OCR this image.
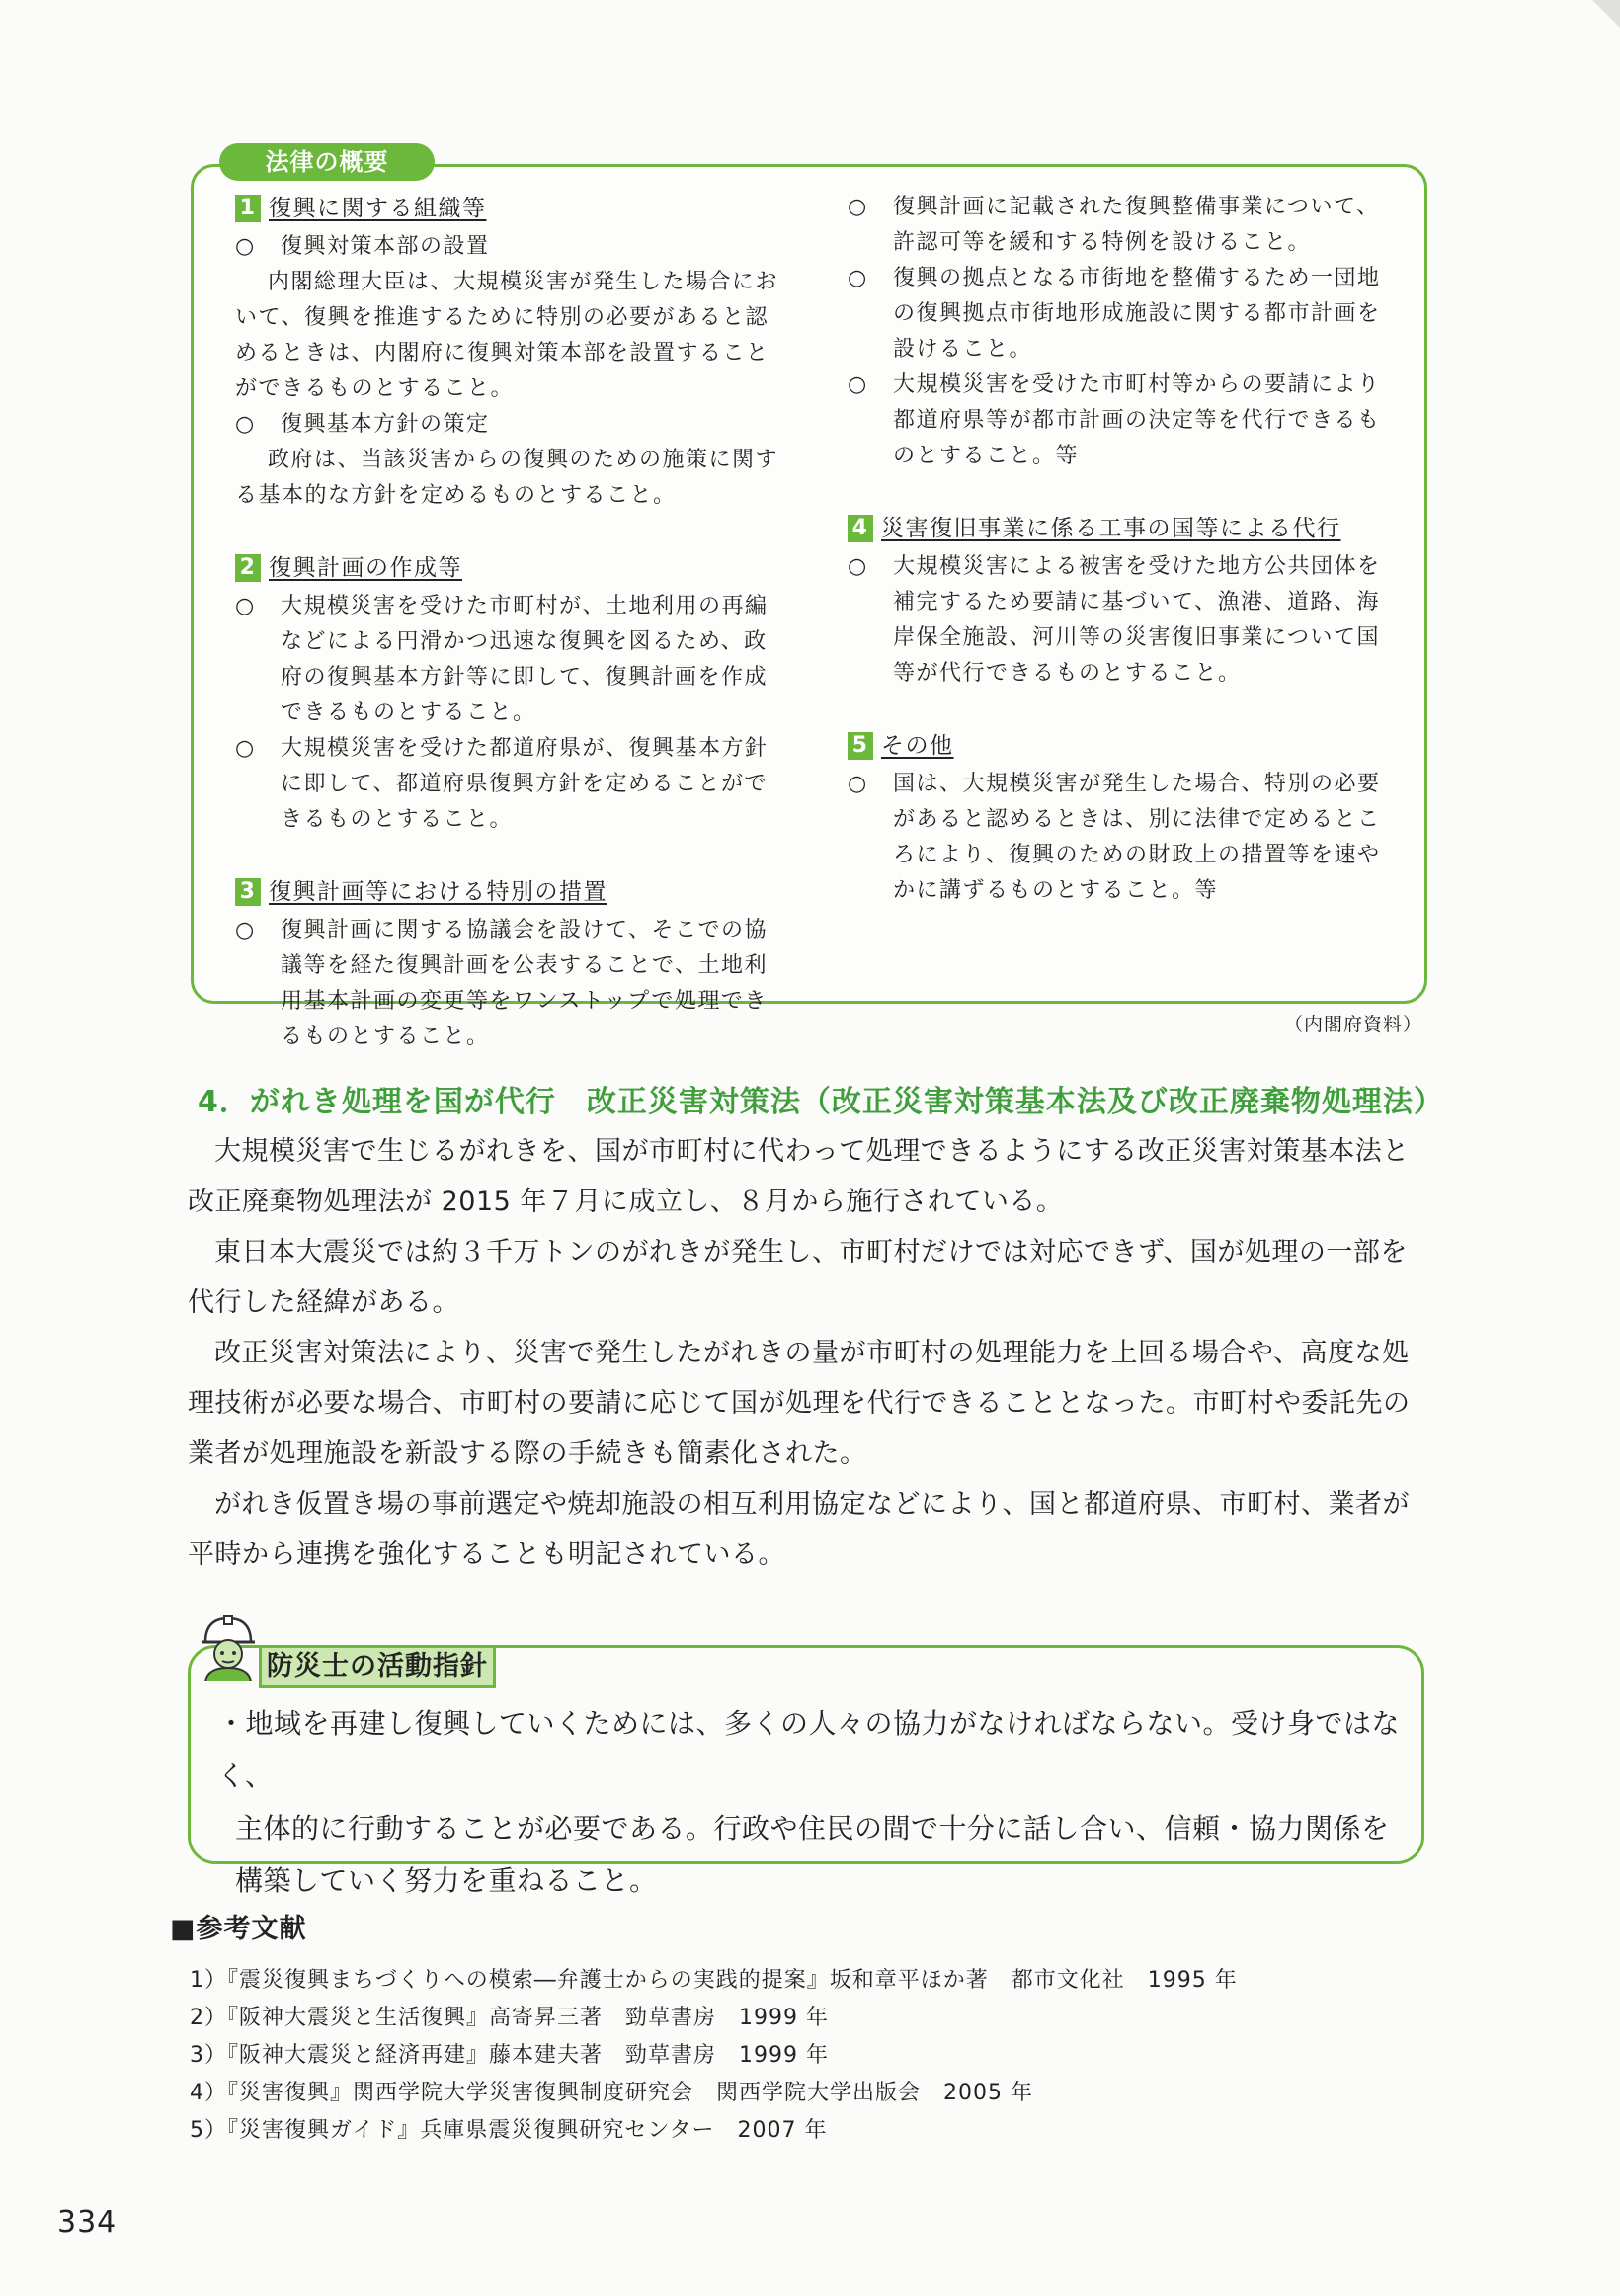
法律の概要
1 復興に関する組織等
○	復興対策本部の設置
内閣総理大臣は、大規模災害が発生した場合において、復興を推進するために特別の必要があると認めるときは、内閣府に復興対策本部を設置することができるものとすること。
○	復興基本方針の策定
政府は、当該災害からの復興のための施策に関する基本的な方針を定めるものとすること。
2 復興計画の作成等
○	大規模災害を受けた市町村が、土地利用の再編などによる円滑かつ迅速な復興を図るため、政府の復興基本方針等に即して、復興計画を作成できるものとすること。
○	大規模災害を受けた都道府県が、復興基本方針に即して、都道府県復興方針を定めることができるものとすること。
3 復興計画等における特別の措置
○	復興計画に関する協議会を設けて、そこでの協議等を経た復興計画を公表することで、土地利用基本計画の変更等をワンストップで処理できるものとすること。
○	復興計画に記載された復興整備事業について、許認可等を緩和する特例を設けること。
○	復興の拠点となる市街地を整備するため一団地の復興拠点市街地形成施設に関する都市計画を設けること。
○	大規模災害を受けた市町村等からの要請により都道府県等が都市計画の決定等を代行できるものとすること。等
4 災害復旧事業に係る工事の国等による代行
○	大規模災害による被害を受けた地方公共団体を補完するため要請に基づいて、漁港、道路、海岸保全施設、河川等の災害復旧事業について国等が代行できるものとすること。
5 その他
○	国は、大規模災害が発生した場合、特別の必要があると認めるときは、別に法律で定めるところにより、復興のための財政上の措置等を速やかに講ずるものとすること。等
（内閣府資料）
4．がれき処理を国が代行　改正災害対策法（改正災害対策基本法及び改正廃棄物処理法）

大規模災害で生じるがれきを、国が市町村に代わって処理できるようにする改正災害対策基本法と改正廃棄物処理法が 2015 年７月に成立し、８月から施行されている。

東日本大震災では約３千万トンのがれきが発生し、市町村だけでは対応できず、国が処理の一部を代行した経緯がある。

改正災害対策法により、災害で発生したがれきの量が市町村の処理能力を上回る場合や、高度な処理技術が必要な場合、市町村の要請に応じて国が処理を代行できることとなった。市町村や委託先の業者が処理施設を新設する際の手続きも簡素化された。

がれき仮置き場の事前選定や焼却施設の相互利用協定などにより、国と都道府県、市町村、業者が平時から連携を強化することも明記されている。

防災士の活動指針
・地域を再建し復興していくためには、多くの人々の協力がなければならない。受け身ではなく、
主体的に行動することが必要である。行政や住民の間で十分に話し合い、信頼・協力関係を構築していく努力を重ねること。
■参考文献
1）『震災復興まちづくりへの模索―弁護士からの実践的提案』坂和章平ほか著　都市文化社　1995 年
2）『阪神大震災と生活復興』高寄昇三著　勁草書房　1999 年
3）『阪神大震災と経済再建』藤本建夫著　勁草書房　1999 年
4）『災害復興』関西学院大学災害復興制度研究会　関西学院大学出版会　2005 年
5）『災害復興ガイド』兵庫県震災復興研究センター　2007 年
334
